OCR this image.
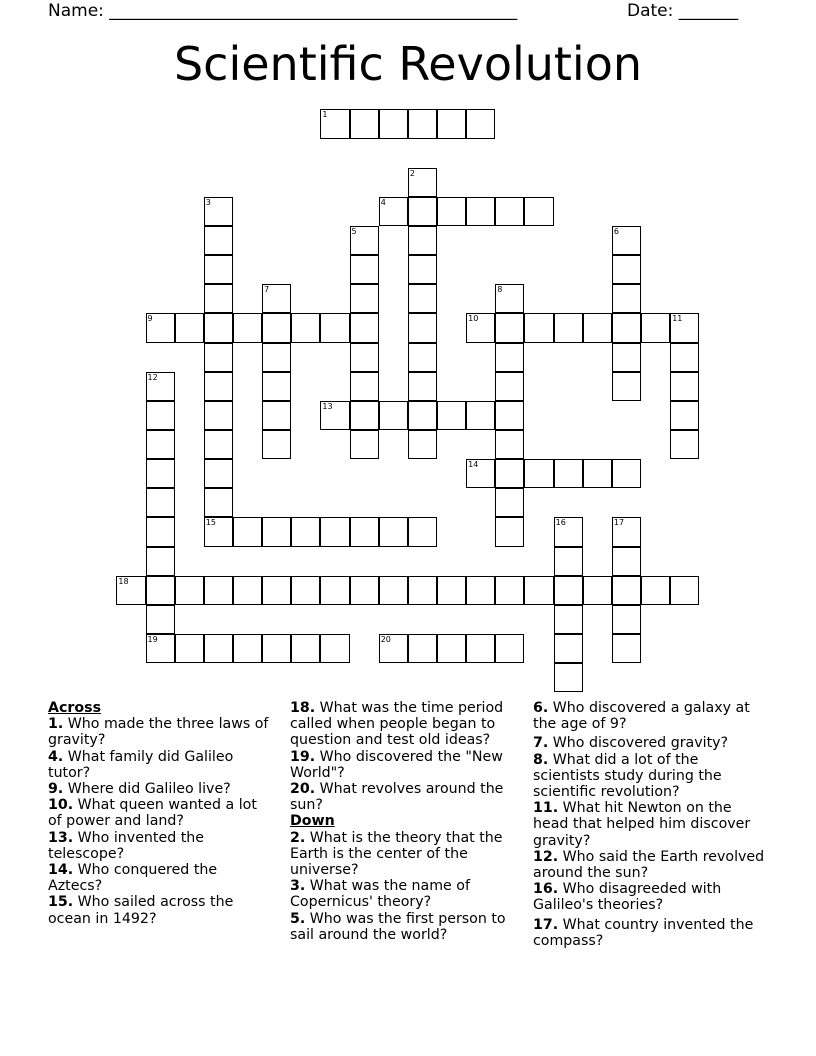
Name: ________________________________________________	Date: _______
Scientific Revolution
1
2
3
15
4
5	6
7	8
9	10	11
12
19
13
14
16	17
18
20
Across
1. Who made the three laws of gravity?
4. What family did Galileo tutor?
9. Where did Galileo live?
10. What queen wanted a lot of power and land?
13. Who invented the telescope?
14. Who conquered the Aztecs?
15. Who sailed across the ocean in 1492?
18. What was the time period called when people began to question and test old ideas?
19. Who discovered the "New World"?
20. What revolves around the sun?
Down
2. What is the theory that the Earth is the center of the universe?
3. What was the name of Copernicus' theory?
5. Who was the first person to sail around the world?
6. Who discovered a galaxy at the age of 9?
7. Who discovered gravity?
8. What did a lot of the scientists study during the scientific revolution?
11. What hit Newton on the head that helped him discover gravity?
12. Who said the Earth revolved around the sun?
16. Who disagreeded with Galileo's theories?
17. What country invented the compass?
